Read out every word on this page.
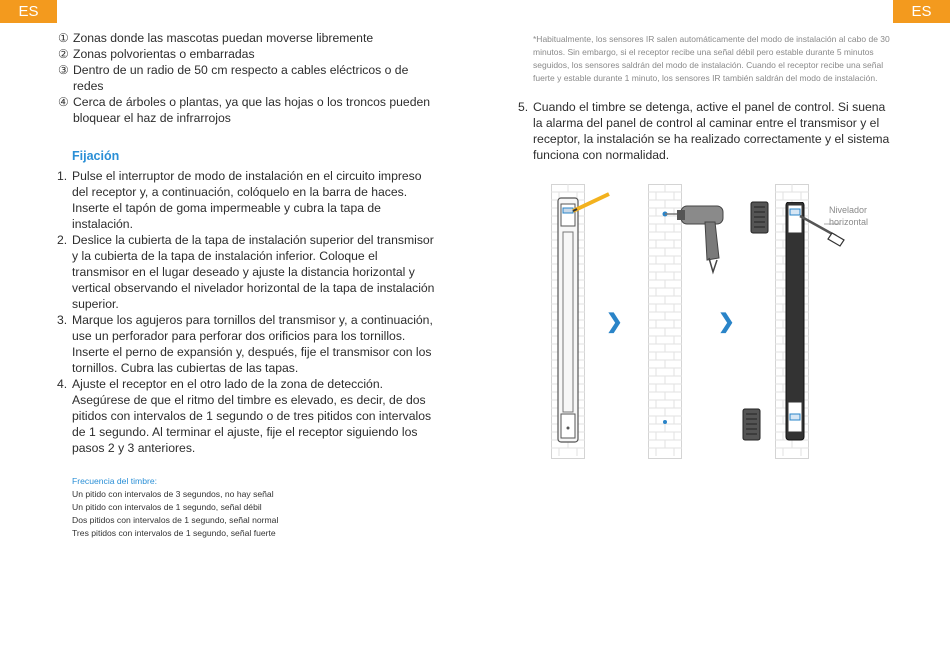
ES	ES
① Zonas donde las mascotas puedan moverse libremente
② Zonas polvorientas o embarradas
③ Dentro de un radio de 50 cm respecto a cables eléctricos o de redes
④ Cerca de árboles o plantas, ya que las hojas o los troncos pueden bloquear el haz de infrarrojos
Fijación
1. Pulse el interruptor de modo de instalación en el circuito impreso del receptor y, a continuación, colóquelo en la barra de haces. Inserte el tapón de goma impermeable y cubra la tapa de instalación.
2. Deslice la cubierta de la tapa de instalación superior del transmisor y la cubierta de la tapa de instalación inferior. Coloque el transmisor en el lugar deseado y ajuste la distancia horizontal y vertical observando el nivelador horizontal de la tapa de instalación superior.
3. Marque los agujeros para tornillos del transmisor y, a continuación, use un perforador para perforar dos orificios para los tornillos. Inserte el perno de expansión y, después, fije el transmisor con los tornillos. Cubra las cubiertas de las tapas.
4. Ajuste el receptor en el otro lado de la zona de detección. Asegúrese de que el ritmo del timbre es elevado, es decir, de dos pitidos con intervalos de 1 segundo o de tres pitidos con intervalos de 1 segundo. Al terminar el ajuste, fije el receptor siguiendo los pasos 2 y 3 anteriores.
Frecuencia del timbre:
Un pitido con intervalos de 3 segundos, no hay señal
Un pitido con intervalos de 1 segundo, señal débil
Dos pitidos con intervalos de 1 segundo, señal normal
Tres pitidos con intervalos de 1 segundo, señal fuerte
*Habitualmente, los sensores IR salen automáticamente del modo de instalación al cabo de 30 minutos. Sin embargo, si el receptor recibe una señal débil pero estable durante 5 minutos seguidos, los sensores saldrán del modo de instalación. Cuando el receptor recibe una señal fuerte y estable durante 1 minuto, los sensores IR también saldrán del modo de instalación.
5. Cuando el timbre se detenga, active el panel de control. Si suena la alarma del panel de control al caminar entre el transmisor y el receptor, la instalación se ha realizado correctamente y el sistema funciona con normalidad.
❯	❯
Nivelador
horizontal
